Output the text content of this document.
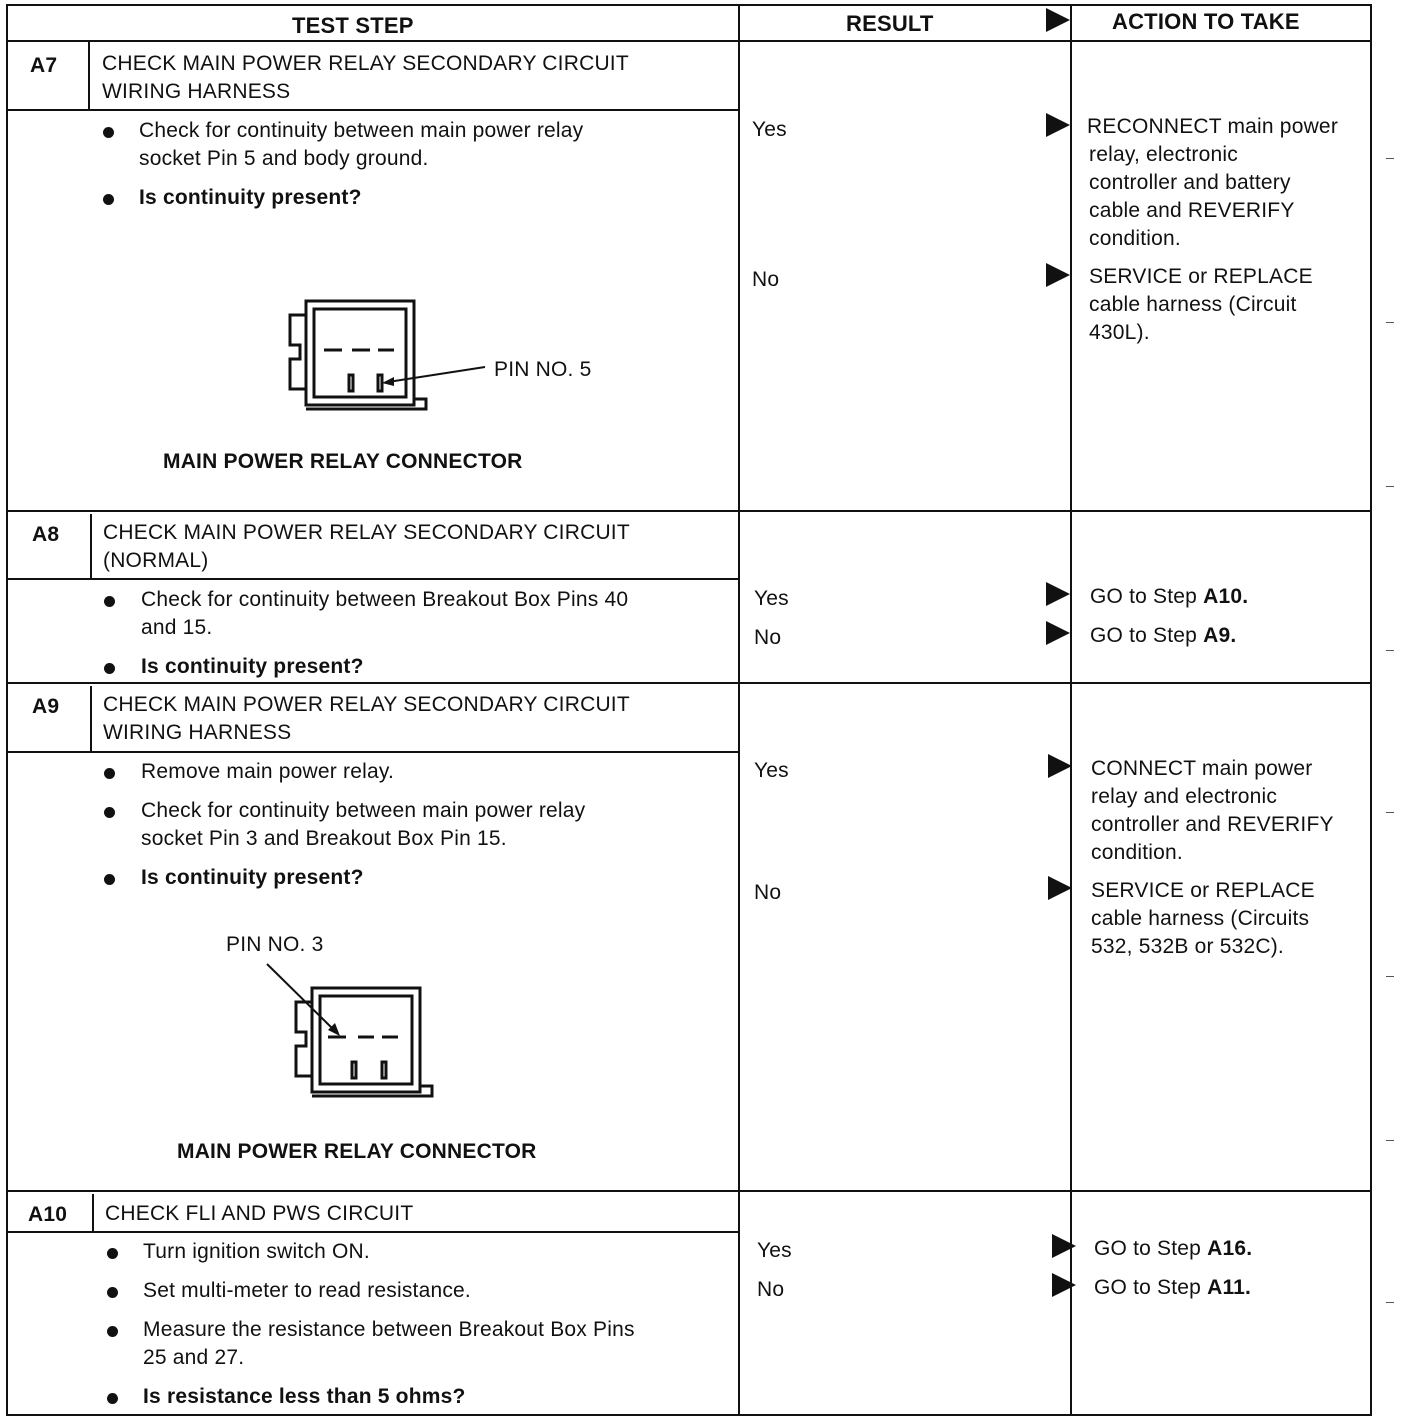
TEST STEP	RESULT	ACTION TO TAKE
A7 CHECK MAIN POWER RELAY SECONDARY CIRCUIT
WIRING HARNESS
Check for continuity between main power relay
socket Pin 5 and body ground.
Is continuity present?
PIN NO. 5
MAIN POWER RELAY CONNECTOR
Yes
No
RECONNECT main power
relay, electronic
controller and battery
cable and REVERIFY
condition.
SERVICE or REPLACE
cable harness (Circuit
430L).
A8 CHECK MAIN POWER RELAY SECONDARY CIRCUIT
(NORMAL)
Check for continuity between Breakout Box Pins 40
and 15.
Is continuity present?
Yes
No
GO to Step A10.
GO to Step A9.
A9 CHECK MAIN POWER RELAY SECONDARY CIRCUIT
WIRING HARNESS
Remove main power relay.
Check for continuity between main power relay
socket Pin 3 and Breakout Box Pin 15.
Is continuity present?
PIN NO. 3
MAIN POWER RELAY CONNECTOR
Yes
No
CONNECT main power
relay and electronic
controller and REVERIFY
condition.
SERVICE or REPLACE
cable harness (Circuits
532, 532B or 532C).
A10 CHECK FLI AND PWS CIRCUIT
Turn ignition switch ON.
Set multi-meter to read resistance.
Measure the resistance between Breakout Box Pins
25 and 27.
Is resistance less than 5 ohms?
Yes
No
GO to Step A16.
GO to Step A11.
